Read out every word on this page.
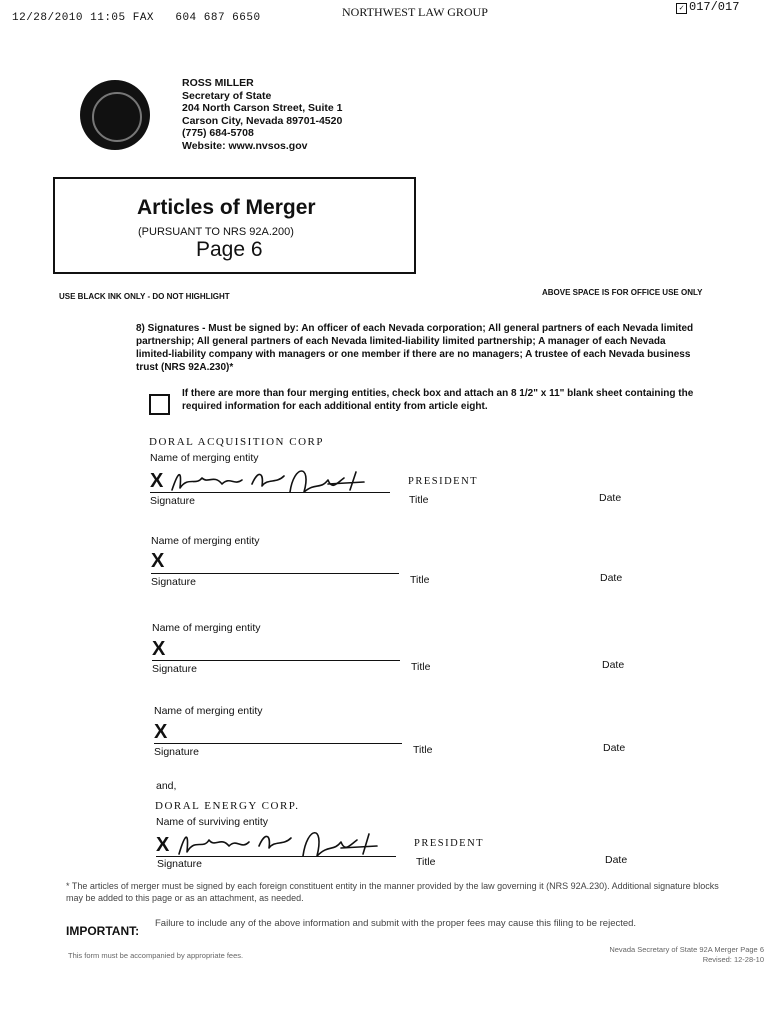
12/28/2010 11:05 FAX 604 687 6650	NORTHWEST LAW GROUP	✓ 017/017
ROSS MILLER
Secretary of State
204 North Carson Street, Suite 1
Carson City, Nevada 89701-4520
(775) 684-5708
Website: www.nvsos.gov
Articles of Merger
(PURSUANT TO NRS 92A.200)
Page 6
USE BLACK INK ONLY - DO NOT HIGHLIGHT	ABOVE SPACE IS FOR OFFICE USE ONLY
8) Signatures - Must be signed by: An officer of each Nevada corporation; All general partners of each Nevada limited partnership; All general partners of each Nevada limited-liability limited partnership; A manager of each Nevada limited-liability company with managers or one member if there are no managers; A trustee of each Nevada business trust (NRS 92A.230)*
If there are more than four merging entities, check box and attach an 8 1/2" x 11" blank sheet containing the required information for each additional entity from article eight.
DORAL ACQUISITION CORP
Name of merging entity
X	PRESIDENT
Signature	Title	Date
Name of merging entity
X
Signature	Title	Date
Name of merging entity
X
Signature	Title	Date
Name of merging entity
X
Signature	Title	Date
and,
DORAL ENERGY CORP.
Name of surviving entity
X	PRESIDENT
Signature	Title	Date
* The articles of merger must be signed by each foreign constituent entity in the manner provided by the law governing it (NRS 92A.230). Additional signature blocks may be added to this page or as an attachment, as needed.
IMPORTANT:
Failure to include any of the above information and submit with the proper fees may cause this filing to be rejected.
This form must be accompanied by appropriate fees.
Nevada Secretary of State 92A Merger Page 6
Revised: 12-28-10
